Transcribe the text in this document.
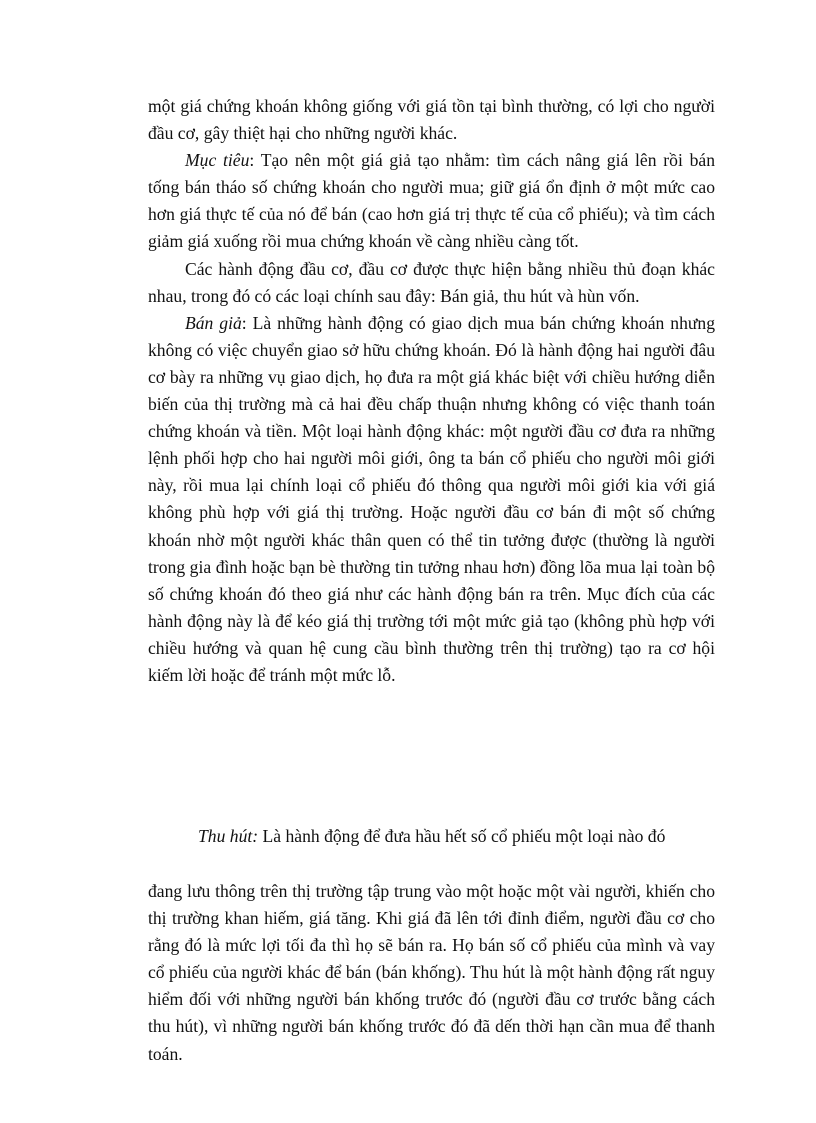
một giá chứng khoán không giống với giá tồn tại bình thường, có lợi cho người đầu cơ, gây thiệt hại cho những người khác.

Mục tiêu: Tạo nên một giá giả tạo nhằm: tìm cách nâng giá lên rồi bán tống bán tháo số chứng khoán cho người mua; giữ giá ổn định ở một mức cao hơn giá thực tế của nó để bán (cao hơn giá trị thực tế của cổ phiếu); và tìm cách giảm giá xuống rồi mua chứng khoán về càng nhiều càng tốt.

Các hành động đầu cơ, đầu cơ được thực hiện bằng nhiều thủ đoạn khác nhau, trong đó có các loại chính sau đây: Bán giả, thu hút và hùn vốn.

Bán giả: Là những hành động có giao dịch mua bán chứng khoán nhưng không có việc chuyển giao sở hữu chứng khoán. Đó là hành động hai người đâu cơ bày ra những vụ giao dịch, họ đưa ra một giá khác biệt với chiều hướng diễn biến của thị trường mà cả hai đều chấp thuận nhưng không có việc thanh toán chứng khoán và tiền. Một loại hành động khác: một người đầu cơ đưa ra những lệnh phối hợp cho hai người môi giới, ông ta bán cổ phiếu cho người môi giới này, rồi mua lại chính loại cổ phiếu đó thông qua người môi giới kia với giá không phù hợp với giá thị trường. Hoặc người đầu cơ bán đi một số chứng khoán nhờ một người khác thân quen có thể tin tưởng được (thường là người trong gia đình hoặc bạn bè thường tin tưởng nhau hơn) đồng lõa mua lại toàn bộ số chứng khoán đó theo giá như các hành động bán ra trên. Mục đích của các hành động này là để kéo giá thị trường tới một mức giả tạo (không phù hợp với chiều hướng và quan hệ cung cầu bình thường trên thị trường) tạo ra cơ hội kiếm lời hoặc để tránh một mức lỗ.

Thu hút: Là hành động để đưa hầu hết số cổ phiếu một loại nào đó

đang lưu thông trên thị trường tập trung vào một hoặc một vài người, khiến cho thị trường khan hiếm, giá tăng. Khi giá đã lên tới đỉnh điểm, người đầu cơ cho rằng đó là mức lợi tối đa thì họ sẽ bán ra. Họ bán số cổ phiếu của mình và vay cổ phiếu của người khác để bán (bán khống). Thu hút là một hành động rất nguy hiểm đối với những người bán khống trước đó (người đầu cơ trước bằng cách thu hút), vì những người bán khống trước đó đã dến thời hạn cần mua để thanh toán.
